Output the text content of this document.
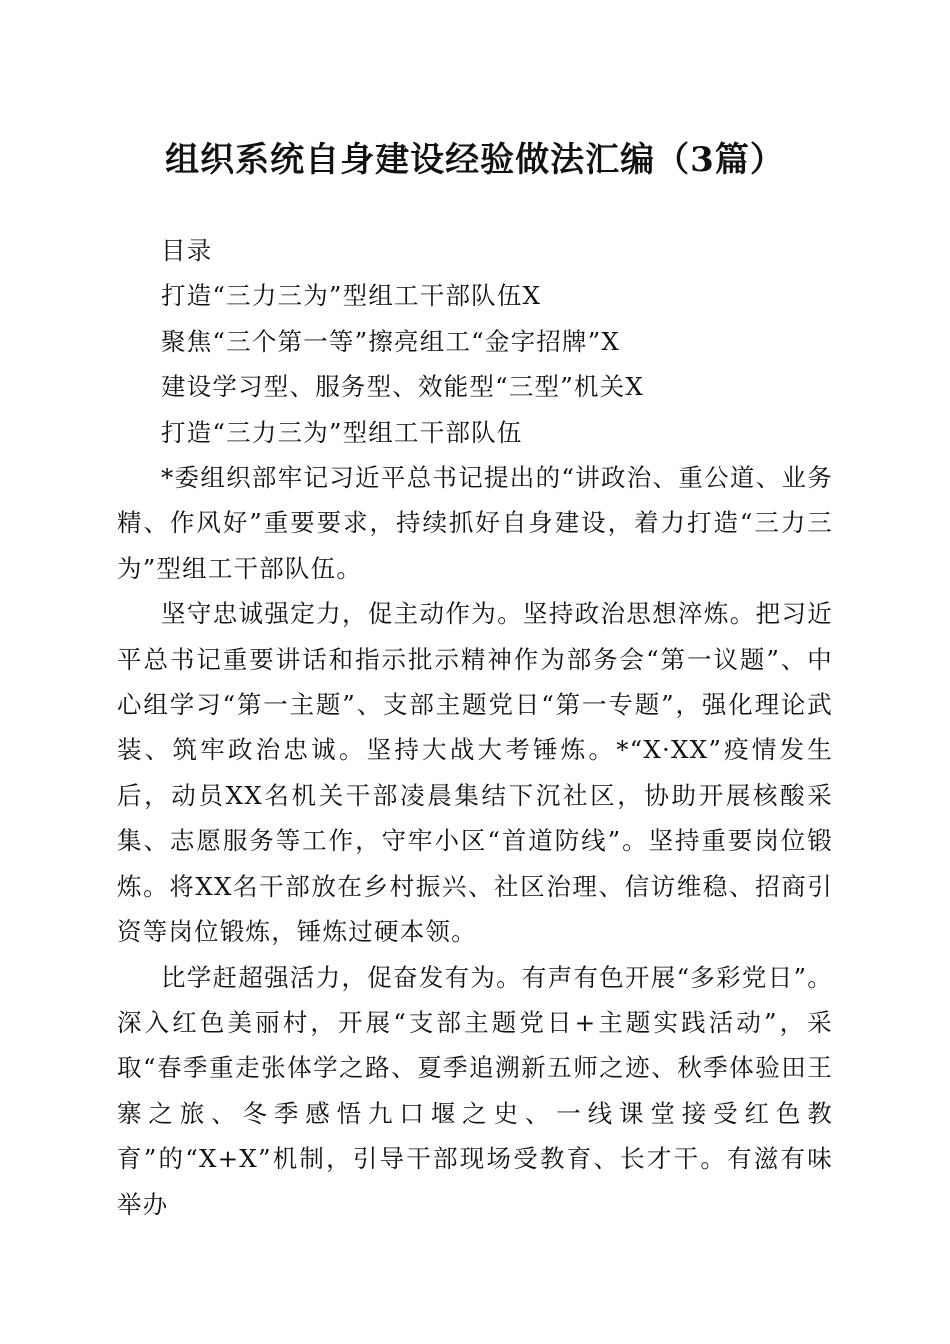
组织系统自身建设经验做法汇编（3篇）

目录

打造“三力三为”型组工干部队伍X

聚焦“三个第一等”擦亮组工“金字招牌”X

建设学习型、服务型、效能型“三型”机关X

打造“三力三为”型组工干部队伍

*委组织部牢记习近平总书记提出的“讲政治、重公道、业务精、作风好”重要要求，持续抓好自身建设，着力打造“三力三为”型组工干部队伍。

坚守忠诚强定力，促主动作为。坚持政治思想淬炼。把习近平总书记重要讲话和指示批示精神作为部务会“第一议题”、中心组学习“第一主题”、支部主题党日“第一专题”，强化理论武装、筑牢政治忠诚。坚持大战大考锤炼。*“X·XX”疫情发生后，动员XX名机关干部凌晨集结下沉社区，协助开展核酸采集、志愿服务等工作，守牢小区“首道防线”。坚持重要岗位锻炼。将XX名干部放在乡村振兴、社区治理、信访维稳、招商引资等岗位锻炼，锤炼过硬本领。

比学赶超强活力，促奋发有为。有声有色开展“多彩党日”。深入红色美丽村，开展“支部主题党日+主题实践活动”，采取“春季重走张体学之路、夏季追溯新五师之迹、秋季体验田王寨之旅、冬季感悟九口堰之史、一线课堂接受红色教育”的“X+X”机制，引导干部现场受教育、长才干。有滋有味举办
